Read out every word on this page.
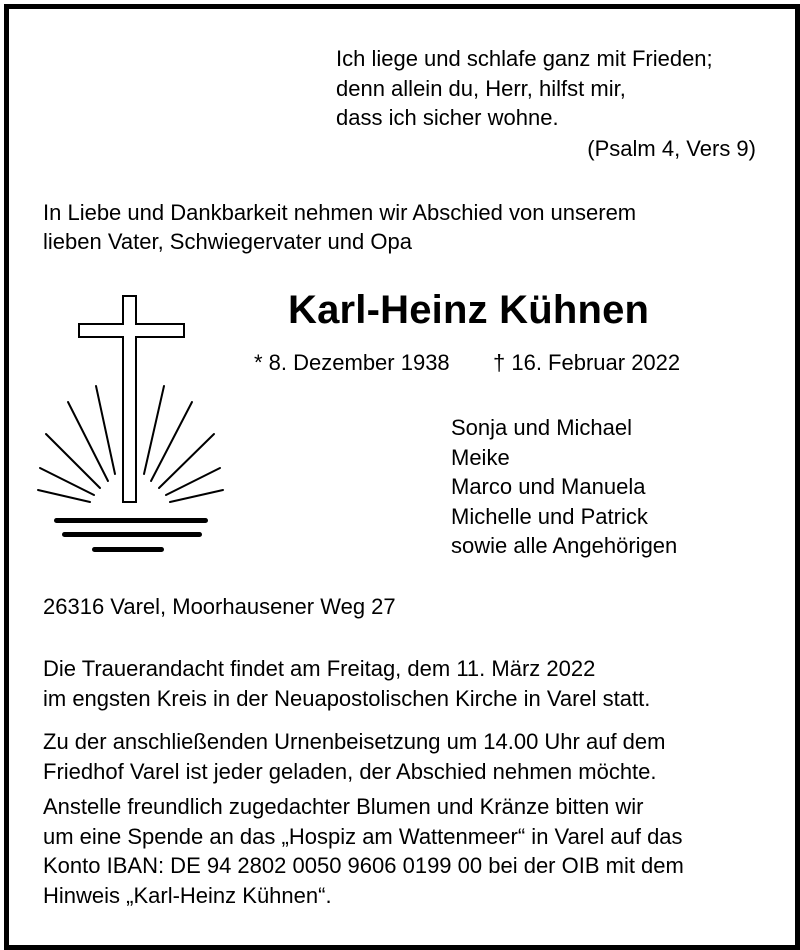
Ich liege und schlafe ganz mit Frieden;
denn allein du, Herr, hilfst mir,
dass ich sicher wohne.
(Psalm 4, Vers 9)
In Liebe und Dankbarkeit nehmen wir Abschied von unserem
lieben Vater, Schwiegervater und Opa
Karl-Heinz Kühnen
* 8. Dezember 1938 † 16. Februar 2022
Sonja und Michael
Meike
Marco und Manuela
Michelle und Patrick
sowie alle Angehörigen
26316 Varel, Moorhausener Weg 27
Die Trauerandacht findet am Freitag, dem 11. März 2022
im engsten Kreis in der Neuapostolischen Kirche in Varel statt.
Zu der anschließenden Urnenbeisetzung um 14.00 Uhr auf dem
Friedhof Varel ist jeder geladen, der Abschied nehmen möchte.
Anstelle freundlich zugedachter Blumen und Kränze bitten wir
um eine Spende an das „Hospiz am Wattenmeer“ in Varel auf das
Konto IBAN: DE 94 2802 0050 9606 0199 00 bei der OIB mit dem
Hinweis „Karl-Heinz Kühnen“.
